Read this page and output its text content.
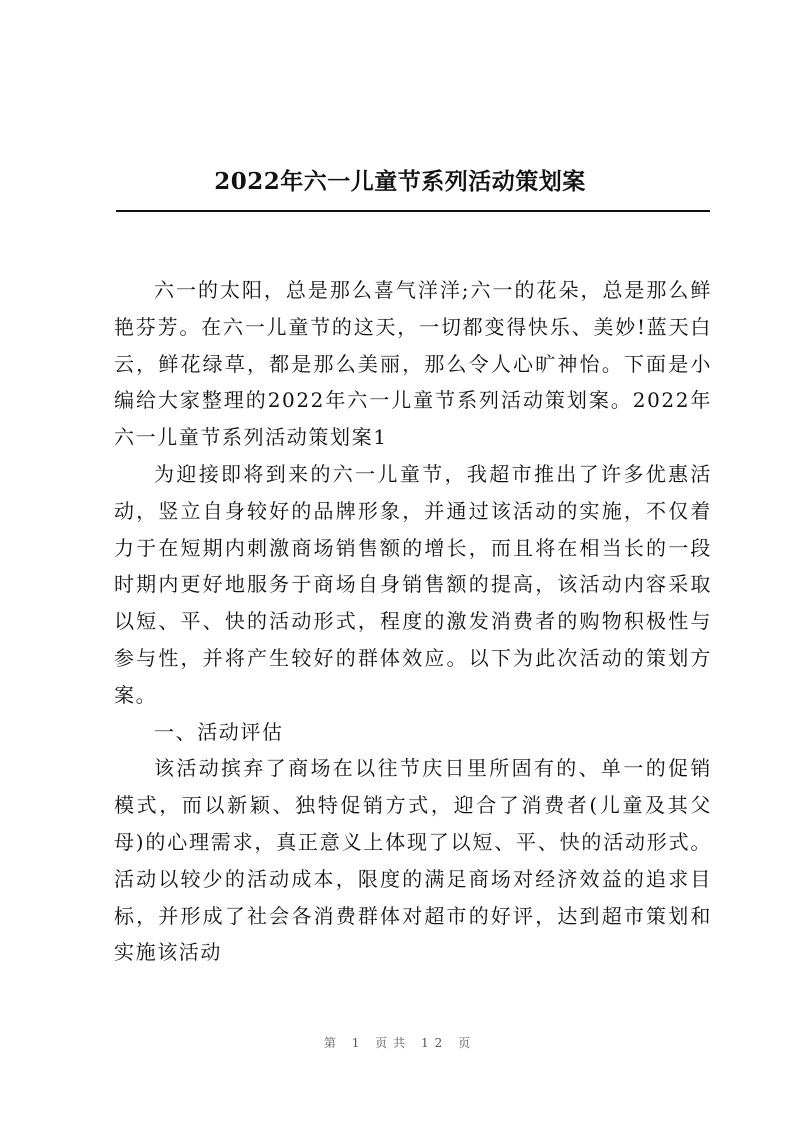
2022年六一儿童节系列活动策划案

六一的太阳，总是那么喜气洋洋;六一的花朵，总是那么鲜艳芬芳。在六一儿童节的这天，一切都变得快乐、美妙!蓝天白云，鲜花绿草，都是那么美丽，那么令人心旷神怡。下面是小编给大家整理的2022年六一儿童节系列活动策划案。2022年六一儿童节系列活动策划案1

为迎接即将到来的六一儿童节，我超市推出了许多优惠活动，竖立自身较好的品牌形象，并通过该活动的实施，不仅着力于在短期内刺激商场销售额的增长，而且将在相当长的一段时期内更好地服务于商场自身销售额的提高，该活动内容采取以短、平、快的活动形式，程度的激发消费者的购物积极性与参与性，并将产生较好的群体效应。以下为此次活动的策划方案。

一、活动评估

该活动摈弃了商场在以往节庆日里所固有的、单一的促销模式，而以新颖、独特促销方式，迎合了消费者(儿童及其父母)的心理需求，真正意义上体现了以短、平、快的活动形式。活动以较少的活动成本，限度的满足商场对经济效益的追求目标，并形成了社会各消费群体对超市的好评，达到超市策划和实施该活动

第 1 页共 12 页
